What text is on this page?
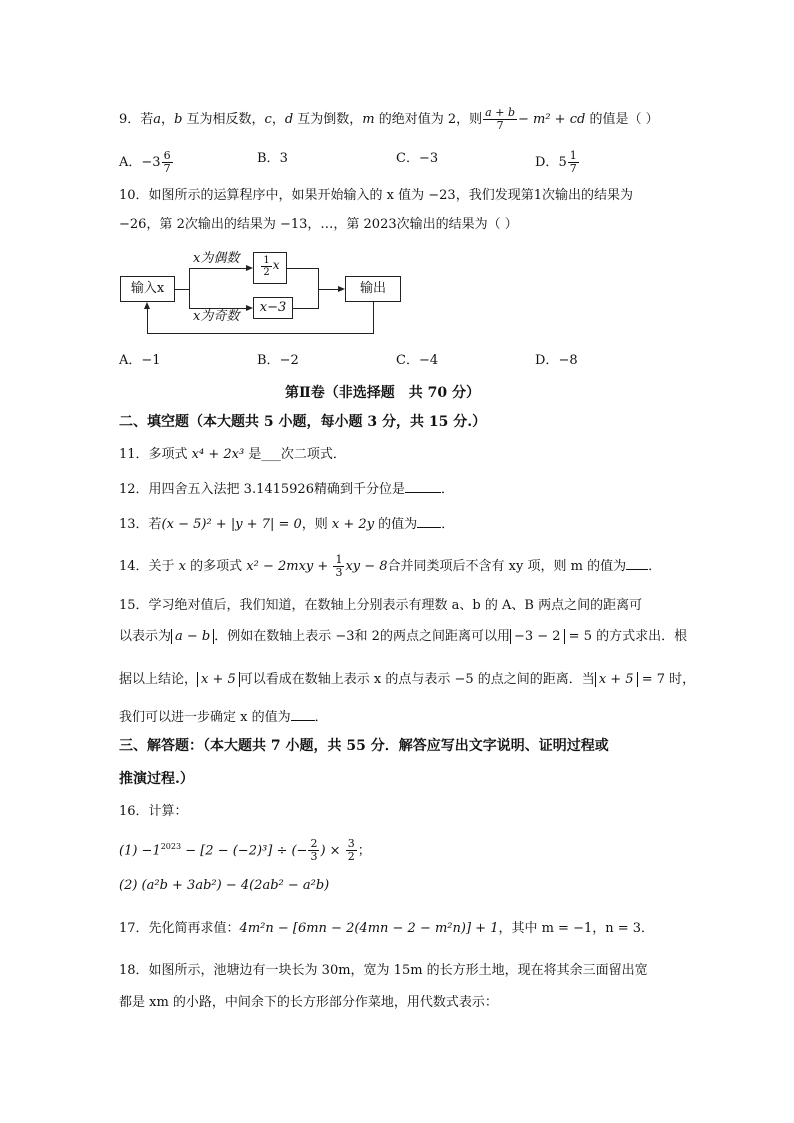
9．若a，b 互为相反数，c，d 互为倒数，m 的绝对值为 2，则 $\frac{a + b}{7} - m^2$ + cd 的值是（ ）
A．$-3 \frac{6}{7}$	B．3	C．−3	D．$5 \frac{1}{7}$
10．如图所示的运算程序中，如果开始输入的 x 值为 −23，我们发现第1次输出的结果为
−26，第 2次输出的结果为 −13，…，第 2023次输出的结果为（ ）
输入x
$\frac{1}{2}$ x
x−3
输出
x为偶数
x为奇数
A．−1	B．−2	C．−4	D．−8
第Ⅱ卷（非选择题　共 70 分）
二、填空题（本大题共 5 小题，每小题 3 分，共 15 分.）
11．多项式 x⁴ + 2x³ 是___次二项式．
12．用四舍五入法把 3.1415926精确到千分位是	．
13．若(x − 5)² + |y + 7| = 0，则 x + 2y 的值为 ．
14．关于 x 的多项式 $x^2 - 2mxy + \frac{1}{3}$ xy − 8合并同类项后不含有 xy 项，则 m 的值为 ．
15．学习绝对值后，我们知道，在数轴上分别表示有理数 a、b 的 A、B 两点之间的距离可
以表示为 a − b ．例如在数轴上表示 −3和 2的两点之间距离可以用 −3 − 2 = 5 的方式求出．根
据以上结论， x + 5 可以看成在数轴上表示 x 的点与表示 −5 的点之间的距离．当 x + 5 = 7 时，
我们可以进一步确定 x 的值为 ．
三、解答题：（本大题共 7 小题，共 55 分．解答应写出文字说明、证明过程或
推演过程.）
16．计算：
$(1) -1^{2023} - [2 - (-2)^3]$ ÷ (− $\frac{2}{3}$ ) × $\frac{3}{2}$ ；
(2) (a²b + 3ab²) − 4(2ab² − a²b)
17．先化简再求值：4m²n − [6mn − 2(4mn − 2 − m²n)] + 1，其中 m = −1，n = 3．
18．如图所示，池塘边有一块长为 30m，宽为 15m 的长方形土地，现在将其余三面留出宽
都是 xm 的小路，中间余下的长方形部分作菜地，用代数式表示：
